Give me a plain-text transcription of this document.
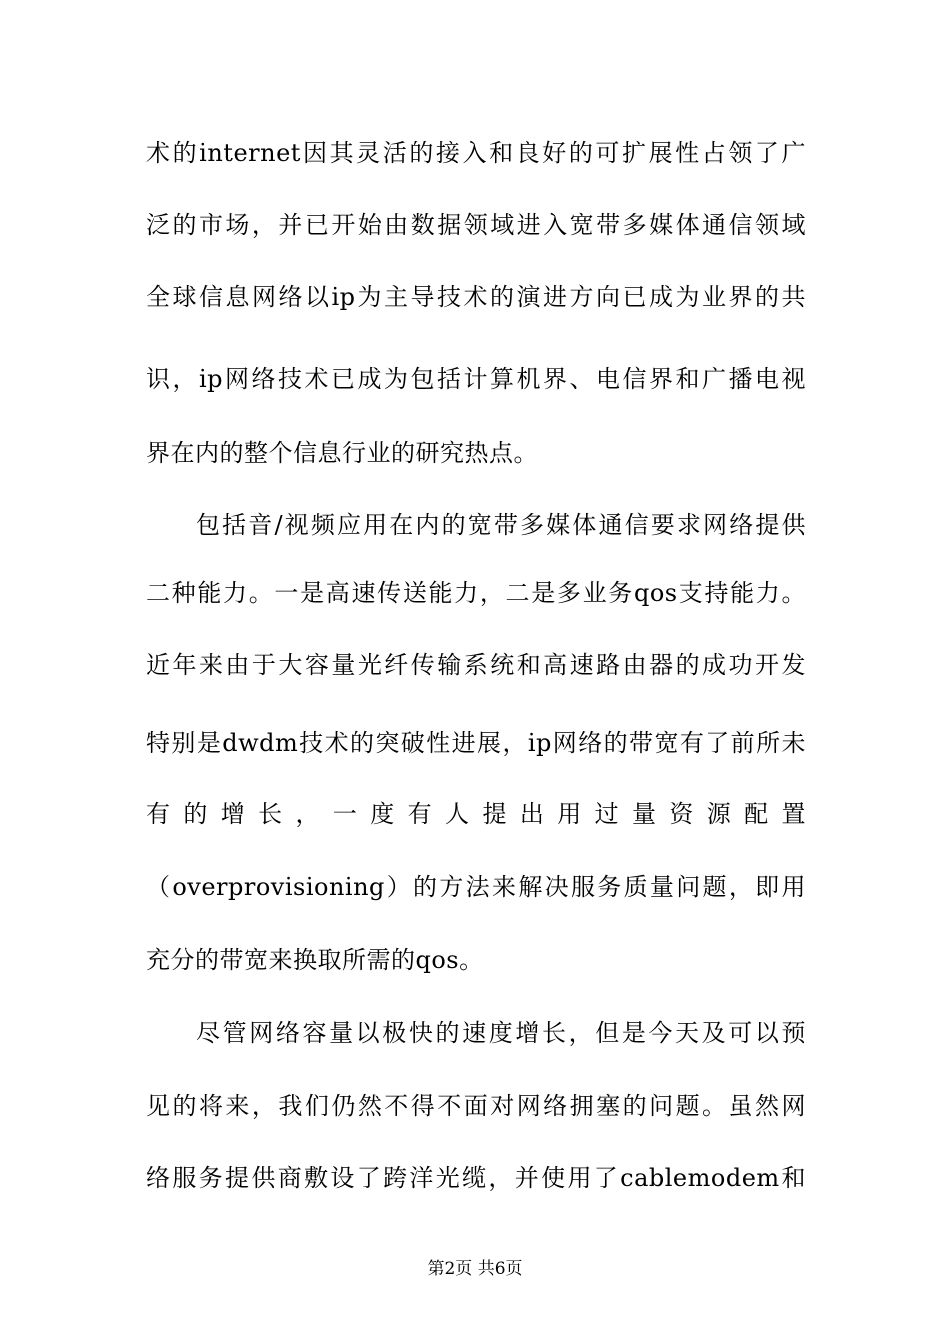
术的internet因其灵活的接入和良好的可扩展性占领了广
泛的市场，并已开始由数据领域进入宽带多媒体通信领域
全球信息网络以ip为主导技术的演进方向已成为业界的共
识，ip网络技术已成为包括计算机界、电信界和广播电视
界在内的整个信息行业的研究热点。
包括音/视频应用在内的宽带多媒体通信要求网络提供
二种能力。一是高速传送能力，二是多业务qos支持能力。
近年来由于大容量光纤传输系统和高速路由器的成功开发
特别是dwdm技术的突破性进展，ip网络的带宽有了前所未
有的增长，一度有人提出用过量资源配置
（overprovisioning）的方法来解决服务质量问题，即用
充分的带宽来换取所需的qos。
尽管网络容量以极快的速度增长，但是今天及可以预
见的将来，我们仍然不得不面对网络拥塞的问题。虽然网
络服务提供商敷设了跨洋光缆，并使用了cablemodem和
第2页 共6页
